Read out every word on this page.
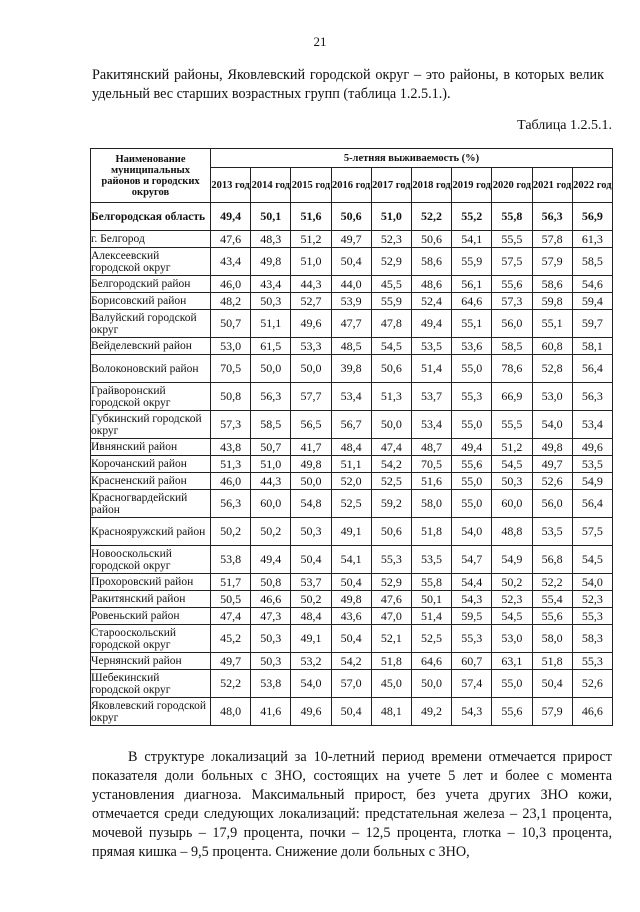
21

Ракитянский районы, Яковлевский городской округ – это районы, в которых велик удельный вес старших возрастных групп (таблица 1.2.5.1.).

Таблица 1.2.5.1.
Наименование муниципальных районов и городских округов	5-летняя выживаемость (%)									
	2013 год	2014 год	2015 год	2016 год	2017 год	2018 год	2019 год	2020 год	2021 год	2022 год
Белгородская область	49,4	50,1	51,6	50,6	51,0	52,2	55,2	55,8	56,3	56,9
г. Белгород	47,6	48,3	51,2	49,7	52,3	50,6	54,1	55,5	57,8	61,3
Алексеевский городской округ	43,4	49,8	51,0	50,4	52,9	58,6	55,9	57,5	57,9	58,5
Белгородский район	46,0	43,4	44,3	44,0	45,5	48,6	56,1	55,6	58,6	54,6
Борисовский район	48,2	50,3	52,7	53,9	55,9	52,4	64,6	57,3	59,8	59,4
Валуйский городской округ	50,7	51,1	49,6	47,7	47,8	49,4	55,1	56,0	55,1	59,7
Вейделевский район	53,0	61,5	53,3	48,5	54,5	53,5	53,6	58,5	60,8	58,1
Волоконовский район	70,5	50,0	50,0	39,8	50,6	51,4	55,0	78,6	52,8	56,4
Грайворонский городской округ	50,8	56,3	57,7	53,4	51,3	53,7	55,3	66,9	53,0	56,3
Губкинский городской округ	57,3	58,5	56,5	56,7	50,0	53,4	55,0	55,5	54,0	53,4
Ивнянский район	43,8	50,7	41,7	48,4	47,4	48,7	49,4	51,2	49,8	49,6
Корочанский район	51,3	51,0	49,8	51,1	54,2	70,5	55,6	54,5	49,7	53,5
Красненский район	46,0	44,3	50,0	52,0	52,5	51,6	55,0	50,3	52,6	54,9
Красногвардейский район	56,3	60,0	54,8	52,5	59,2	58,0	55,0	60,0	56,0	56,4
Краснояружский район	50,2	50,2	50,3	49,1	50,6	51,8	54,0	48,8	53,5	57,5
Новооскольский городской округ	53,8	49,4	50,4	54,1	55,3	53,5	54,7	54,9	56,8	54,5
Прохоровский район	51,7	50,8	53,7	50,4	52,9	55,8	54,4	50,2	52,2	54,0
Ракитянский район	50,5	46,6	50,2	49,8	47,6	50,1	54,3	52,3	55,4	52,3
Ровеньский район	47,4	47,3	48,4	43,6	47,0	51,4	59,5	54,5	55,6	55,3
Старооскольский городской округ	45,2	50,3	49,1	50,4	52,1	52,5	55,3	53,0	58,0	58,3
Чернянский район	49,7	50,3	53,2	54,2	51,8	64,6	60,7	63,1	51,8	55,3
Шебекинский городской округ	52,2	53,8	54,0	57,0	45,0	50,0	57,4	55,0	50,4	52,6
Яковлевский городской округ	48,0	41,6	49,6	50,4	48,1	49,2	54,3	55,6	57,9	46,6

В структуре локализаций за 10-летний период времени отмечается прирост показателя доли больных с ЗНО, состоящих на учете 5 лет и более с момента установления диагноза. Максимальный прирост, без учета других ЗНО кожи, отмечается среди следующих локализаций: предстательная железа – 23,1 процента, мочевой пузырь – 17,9 процента, почки – 12,5 процента, глотка – 10,3 процента, прямая кишка – 9,5 процента. Снижение доли больных с ЗНО,
